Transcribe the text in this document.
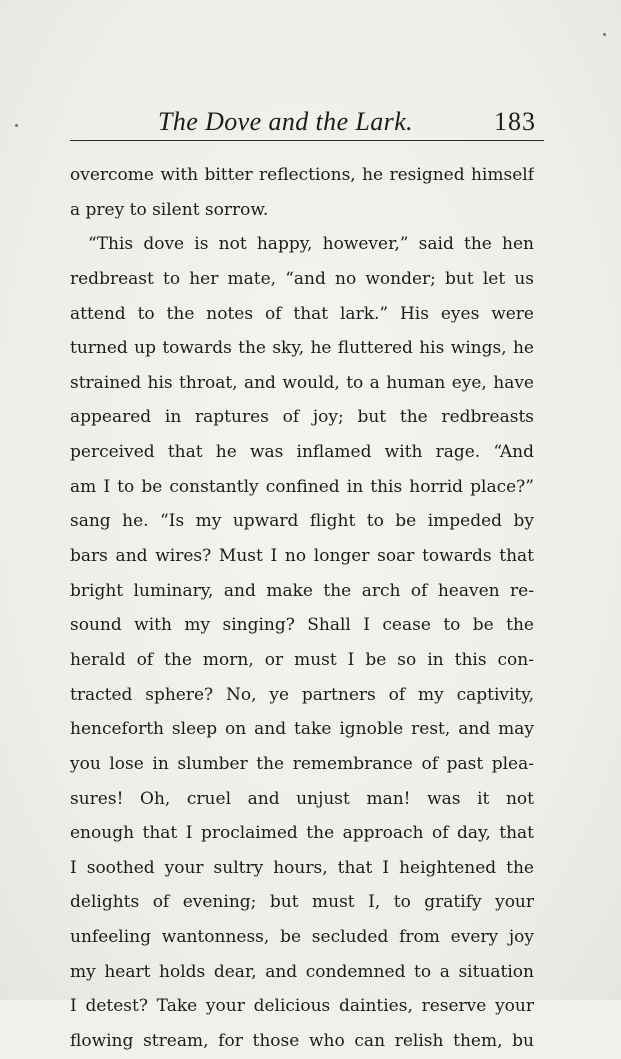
The Dove and the Lark.	183
overcome with bitter reflections, he resigned himself
a prey to silent sorrow.
“This dove is not happy, however,” said the hen
redbreast to her mate, “and no wonder; but let us
attend to the notes of that lark.” His eyes were
turned up towards the sky, he fluttered his wings, he
strained his throat, and would, to a human eye, have
appeared in raptures of joy; but the redbreasts
perceived that he was inflamed with rage. “And
am I to be constantly confined in this horrid place?”
sang he. “Is my upward flight to be impeded by
bars and wires? Must I no longer soar towards that
bright luminary, and make the arch of heaven re-
sound with my singing? Shall I cease to be the
herald of the morn, or must I be so in this con-
tracted sphere? No, ye partners of my captivity,
henceforth sleep on and take ignoble rest, and may
you lose in slumber the remembrance of past plea-
sures! Oh, cruel and unjust man! was it not
enough that I proclaimed the approach of day, that
I soothed your sultry hours, that I heightened the
delights of evening; but must I, to gratify your
unfeeling wantonness, be secluded from every joy
my heart holds dear, and condemned to a situation
I detest? Take your delicious dainties, reserve your
flowing stream, for those who can relish them, bu
